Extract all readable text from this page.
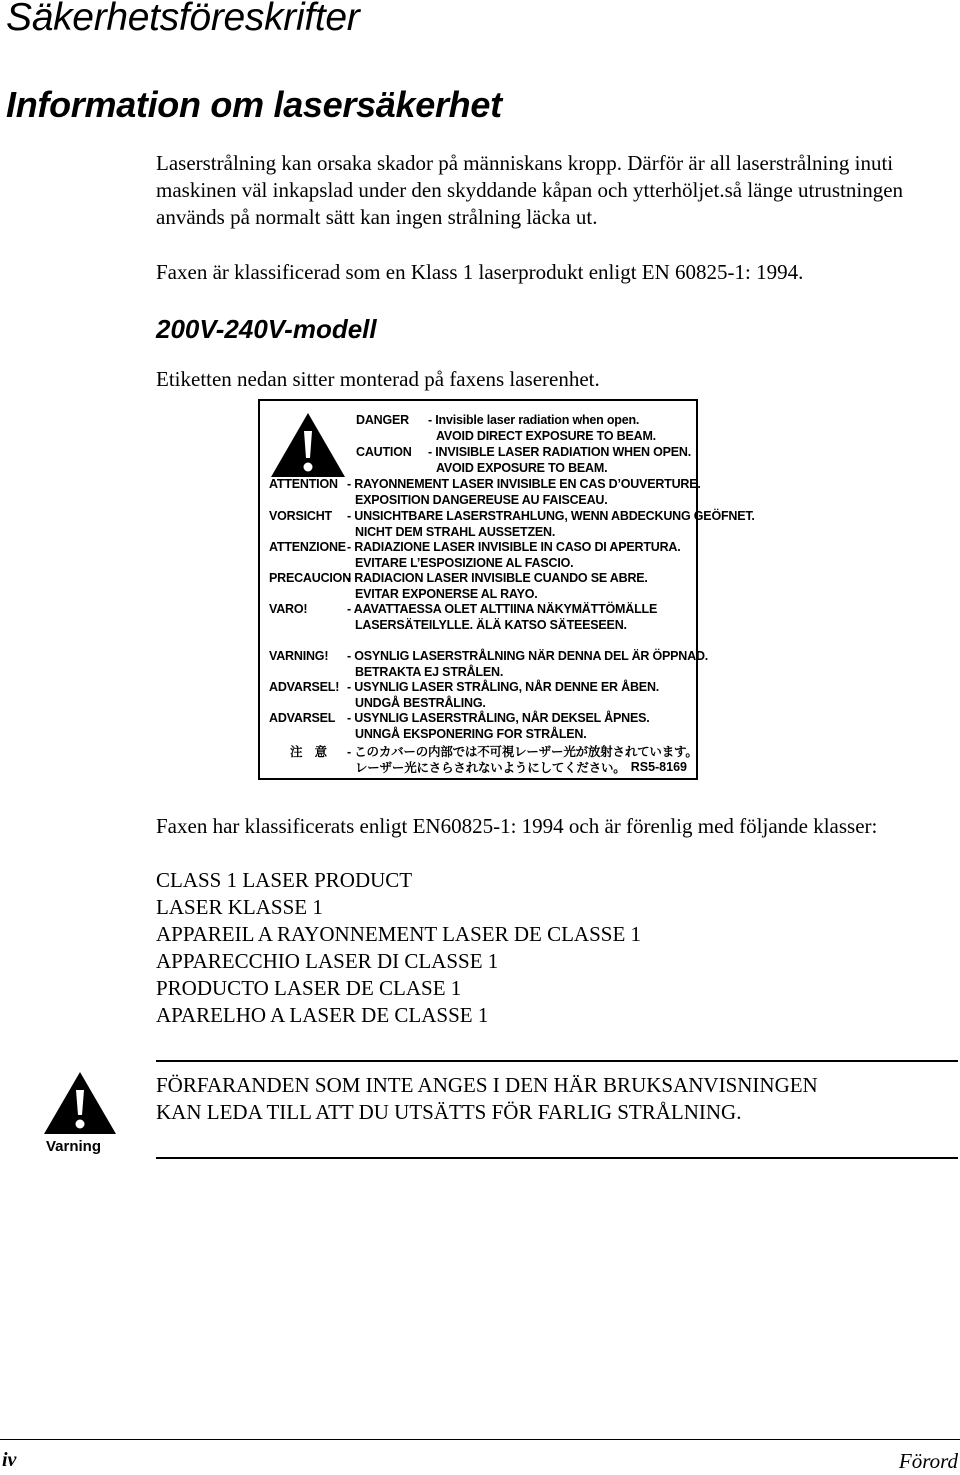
Säkerhetsföreskrifter
Information om lasersäkerhet

Laserstrålning kan orsaka skador på människans kropp. Därför är all laserstrålning inuti maskinen väl inkapslad under den skyddande kåpan och ytterhöljet.så länge utrustningen används på normalt sätt kan ingen strålning läcka ut.

Faxen är klassificerad som en Klass 1 laserprodukt enligt EN 60825-1: 1994.

200V-240V-modell

Etiketten nedan sitter monterad på faxens laserenhet.

DANGER - Invisible laser radiation when open.
AVOID DIRECT EXPOSURE TO BEAM.
CAUTION - INVISIBLE LASER RADIATION WHEN OPEN.
AVOID EXPOSURE TO BEAM.
ATTENTION - RAYONNEMENT LASER INVISIBLE EN CAS D’OUVERTURE.
EXPOSITION DANGEREUSE AU FAISCEAU.
VORSICHT - UNSICHTBARE LASERSTRAHLUNG, WENN ABDECKUNG GEÖFNET.
NICHT DEM STRAHL AUSSETZEN.
ATTENZIONE - RADIAZIONE LASER INVISIBLE IN CASO DI APERTURA.
EVITARE L’ESPOSIZIONE AL FASCIO.
PRECAUCION
- RADIACION LASER INVISIBLE CUANDO SE ABRE.
EVITAR EXPONERSE AL RAYO.
VARO!	- AAVATTAESSA OLET ALTTIINA NÄKYMÄTTÖMÄLLE
LASERSÄTEILYLLE. ÄLÄ KATSO SÄTEESEEN.
VARNING! - OSYNLIG LASERSTRÅLNING NÄR DENNA DEL ÄR ÖPPNAD.
BETRAKTA EJ STRÅLEN.
ADVARSEL! - USYNLIG LASER STRÅLING, NÅR DENNE ER ÅBEN.
UNDGÅ BESTRÅLING.
ADVARSEL - USYNLIG LASERSTRÅLING, NÅR DEKSEL ÅPNES.
UNNGÅ EKSPONERING FOR STRÅLEN.
注　意 - このカバーの内部では不可視レーザー光が放射されています。
レーザー光にさらされないようにしてください。 RS5-8169

Faxen har klassificerats enligt EN60825-1: 1994 och är förenlig med följande klasser:

CLASS 1 LASER PRODUCT
LASER KLASSE 1
APPAREIL A RAYONNEMENT LASER DE CLASSE 1
APPARECCHIO LASER DI CLASSE 1
PRODUCTO LASER DE CLASE 1
APARELHO A LASER DE CLASSE 1
Varning

FÖRFARANDEN SOM INTE ANGES I DEN HÄR BRUKSANVISNINGEN
KAN LEDA TILL ATT DU UTSÄTTS FÖR FARLIG STRÅLNING.

iv	Förord
